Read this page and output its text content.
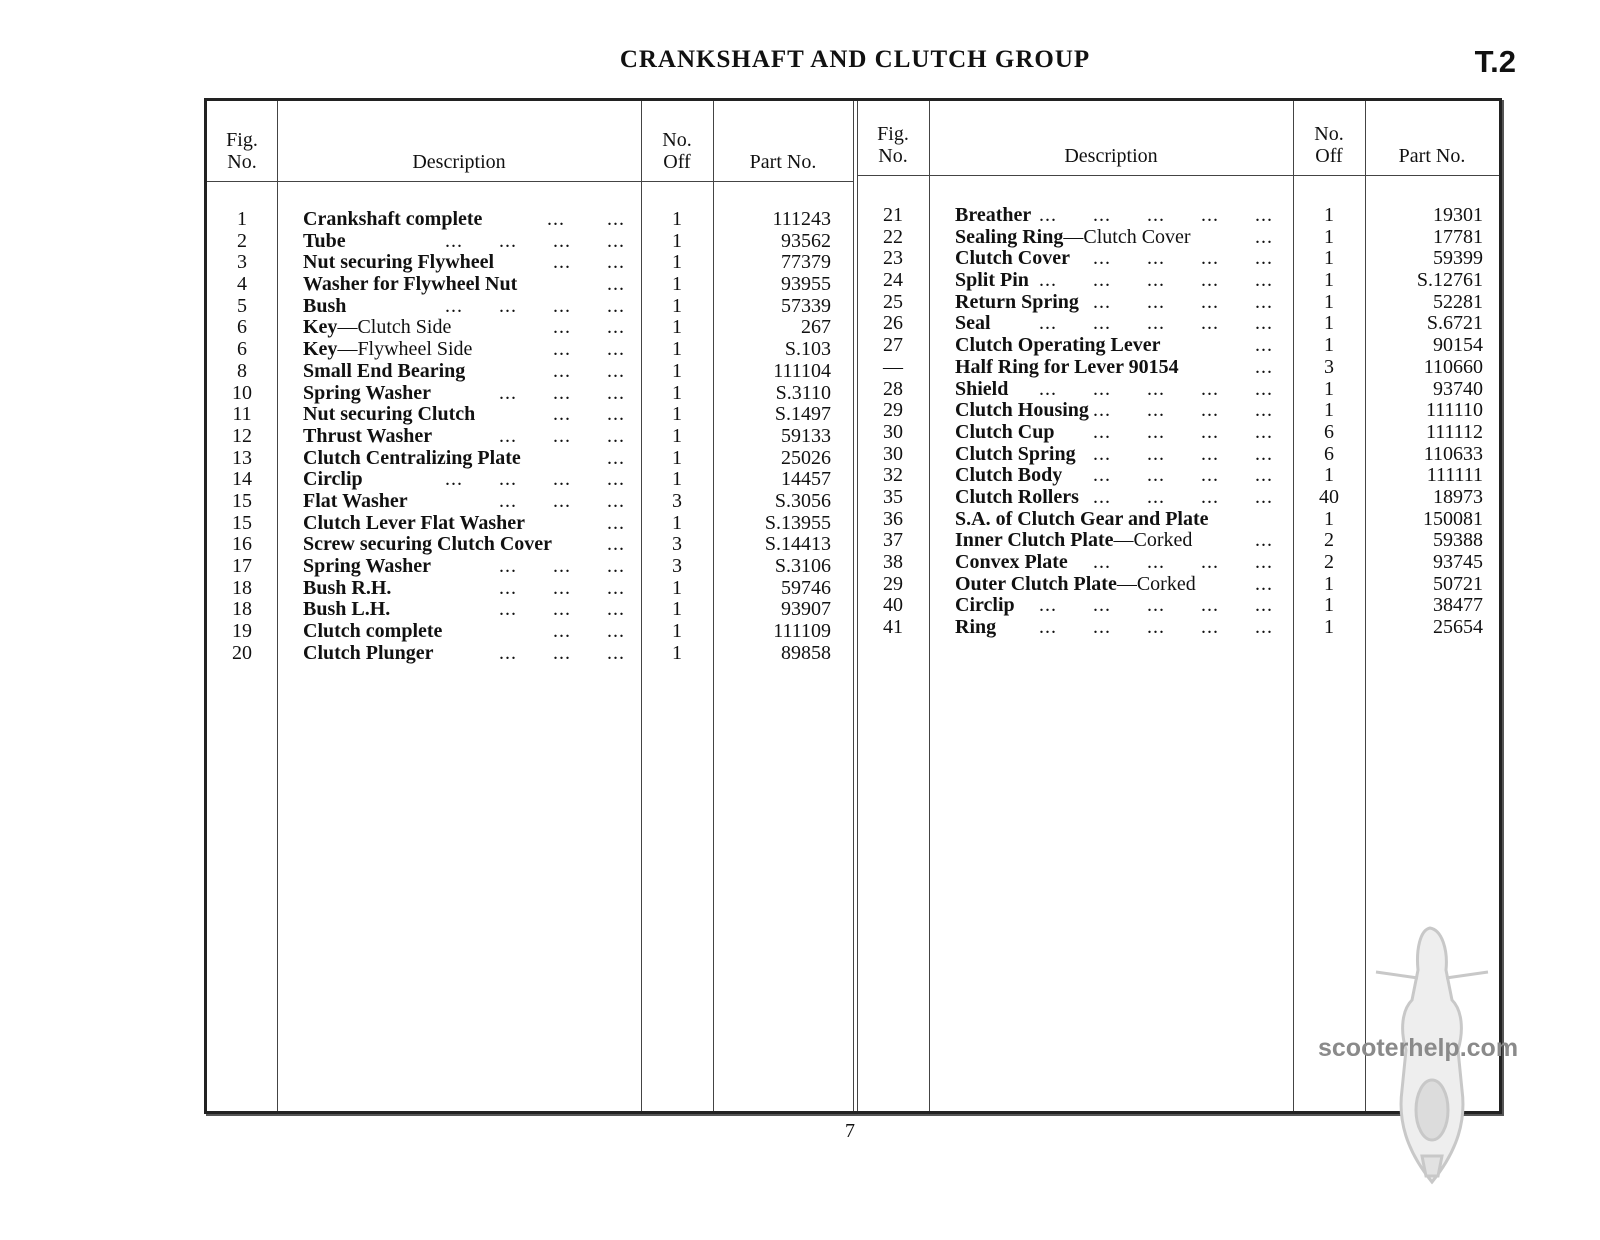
CRANKSHAFT AND CLUTCH GROUP	T.2
Fig.
No.	Description
No.
Off	Part No.
Fig.
No.	Description
No.
Off	Part No.
1	Crankshaft complete	...       ...	1	111243
2	Tube	...      ...      ...      ...	1	93562
3	Nut securing Flywheel	...      ...	1	77379
4	Washer for Flywheel Nut	...	1	93955
5	Bush	...      ...      ...      ...	1	57339
6	Key—Clutch Side	...      ...	1	267
6	Key—Flywheel Side	...      ...	1	S.103
8	Small End Bearing	...      ...	1	111104
10	Spring Washer	...      ...      ...	1	S.3110
11	Nut securing Clutch	...      ...	1	S.1497
12	Thrust Washer	...      ...      ...	1	59133
13	Clutch Centralizing Plate	...	1	25026
14	Circlip	...      ...      ...      ...	1	14457
15	Flat Washer	...      ...      ...	3	S.3056
15	Clutch Lever Flat Washer	...	1	S.13955
16	Screw securing Clutch Cover	...	3	S.14413
17	Spring Washer	...      ...      ...	3	S.3106
18	Bush R.H.	...      ...      ...	1	59746
18	Bush L.H.	...      ...      ...	1	93907
19	Clutch complete	...      ...	1	111109
20	Clutch Plunger	...      ...      ...	1	89858
21	Breather ...      ...      ...      ...      ...	1	19301
22	Sealing Ring—Clutch Cover	...	1	17781
23	Clutch Cover ...      ...      ...      ...	1	59399
24	Split Pin ...      ...      ...      ...      ...	1	S.12761
25	Return Spring ...      ...      ...      ...	1	52281
26	Seal ...      ...      ...      ...      ...	1	S.6721
27	Clutch Operating Lever	...	1	90154
—	Half Ring for Lever 90154	...	3	110660
28	Shield ...      ...      ...      ...      ...	1	93740
29	Clutch Housing ...      ...      ...      ...	1	111110
30	Clutch Cup ...      ...      ...      ...	6	111112
30	Clutch Spring ...      ...      ...      ...	6	110633
32	Clutch Body ...      ...      ...      ...	1	111111
35	Clutch Rollers ...      ...      ...      ...	40	18973
36	S.A. of Clutch Gear and Plate	1	150081
37	Inner Clutch Plate—Corked	...	2	59388
38	Convex Plate ...      ...      ...      ...	2	93745
29	Outer Clutch Plate—Corked	...	1	50721
40	Circlip ...      ...      ...      ...      ...	1	38477
41	Ring ...      ...      ...      ...      ...	1	25654
7
scooterhelp.com
